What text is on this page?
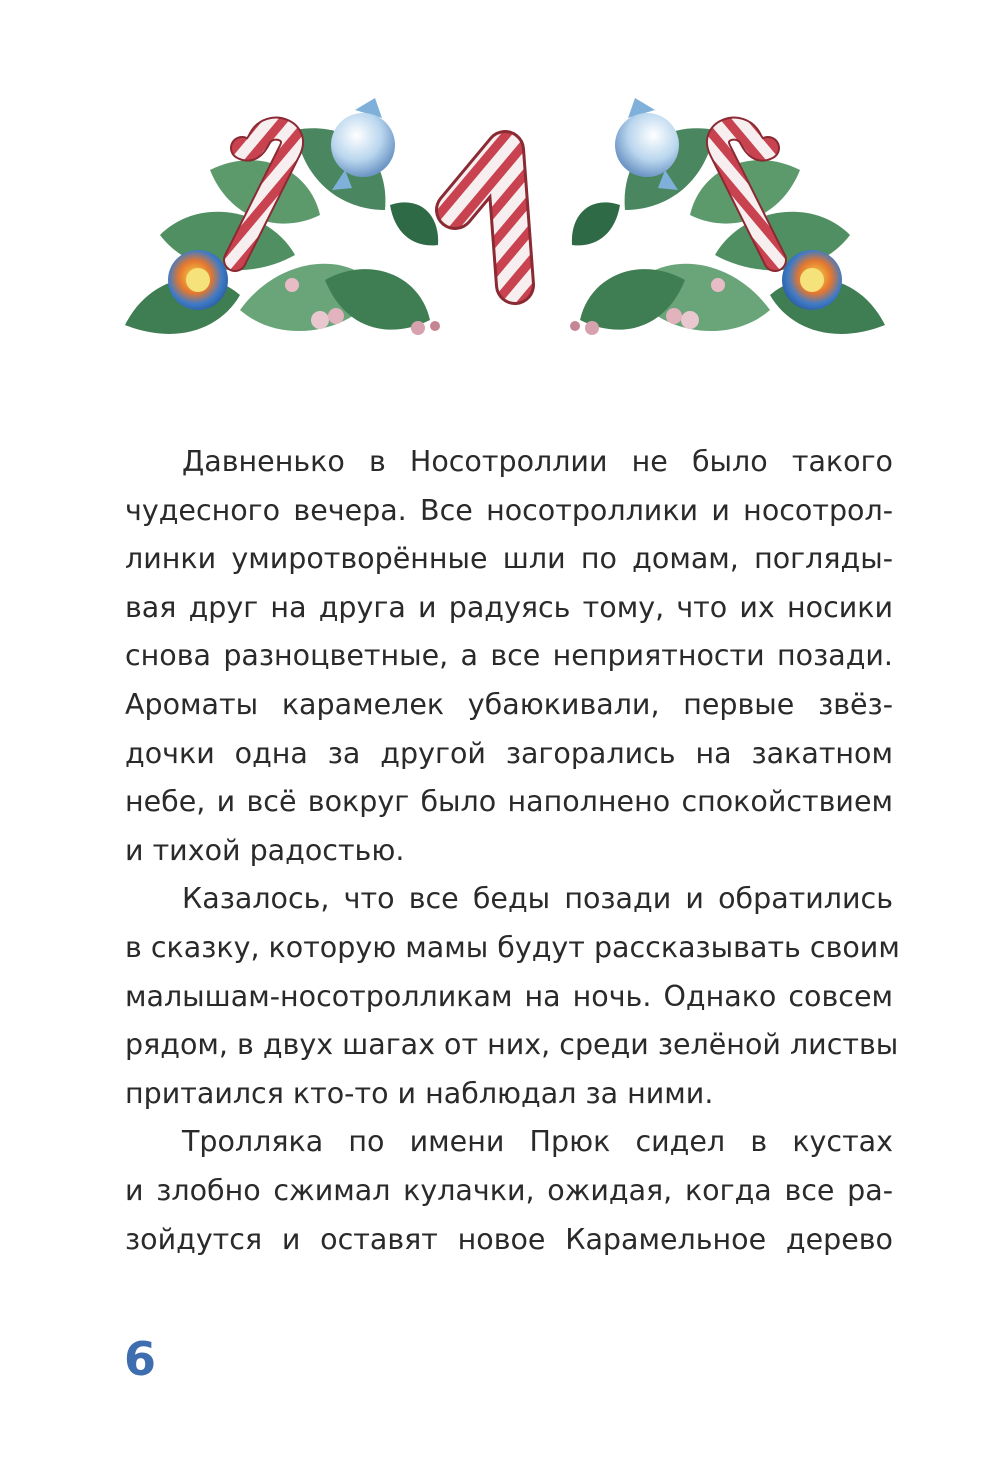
Давненько в Носотроллии не было такого
чудесного вечера. Все носотроллики и носотрол-
линки умиротворённые шли по домам, погляды-
вая друг на друга и радуясь тому, что их носики
снова разноцветные, а все неприятности позади.
Ароматы карамелек убаюкивали, первые звёз-
дочки одна за другой загорались на закатном
небе, и всё вокруг было наполнено спокойствием
и тихой радостью.
Казалось, что все беды позади и обратились
в сказку, которую мамы будут рассказывать своим
малышам-носотролликам на ночь. Однако совсем
рядом, в двух шагах от них, среди зелёной листвы
притаился кто-то и наблюдал за ними.
Тролляка по имени Прюк сидел в кустах
и злобно сжимал кулачки, ожидая, когда все ра-
зойдутся и оставят новое Карамельное дерево
6
